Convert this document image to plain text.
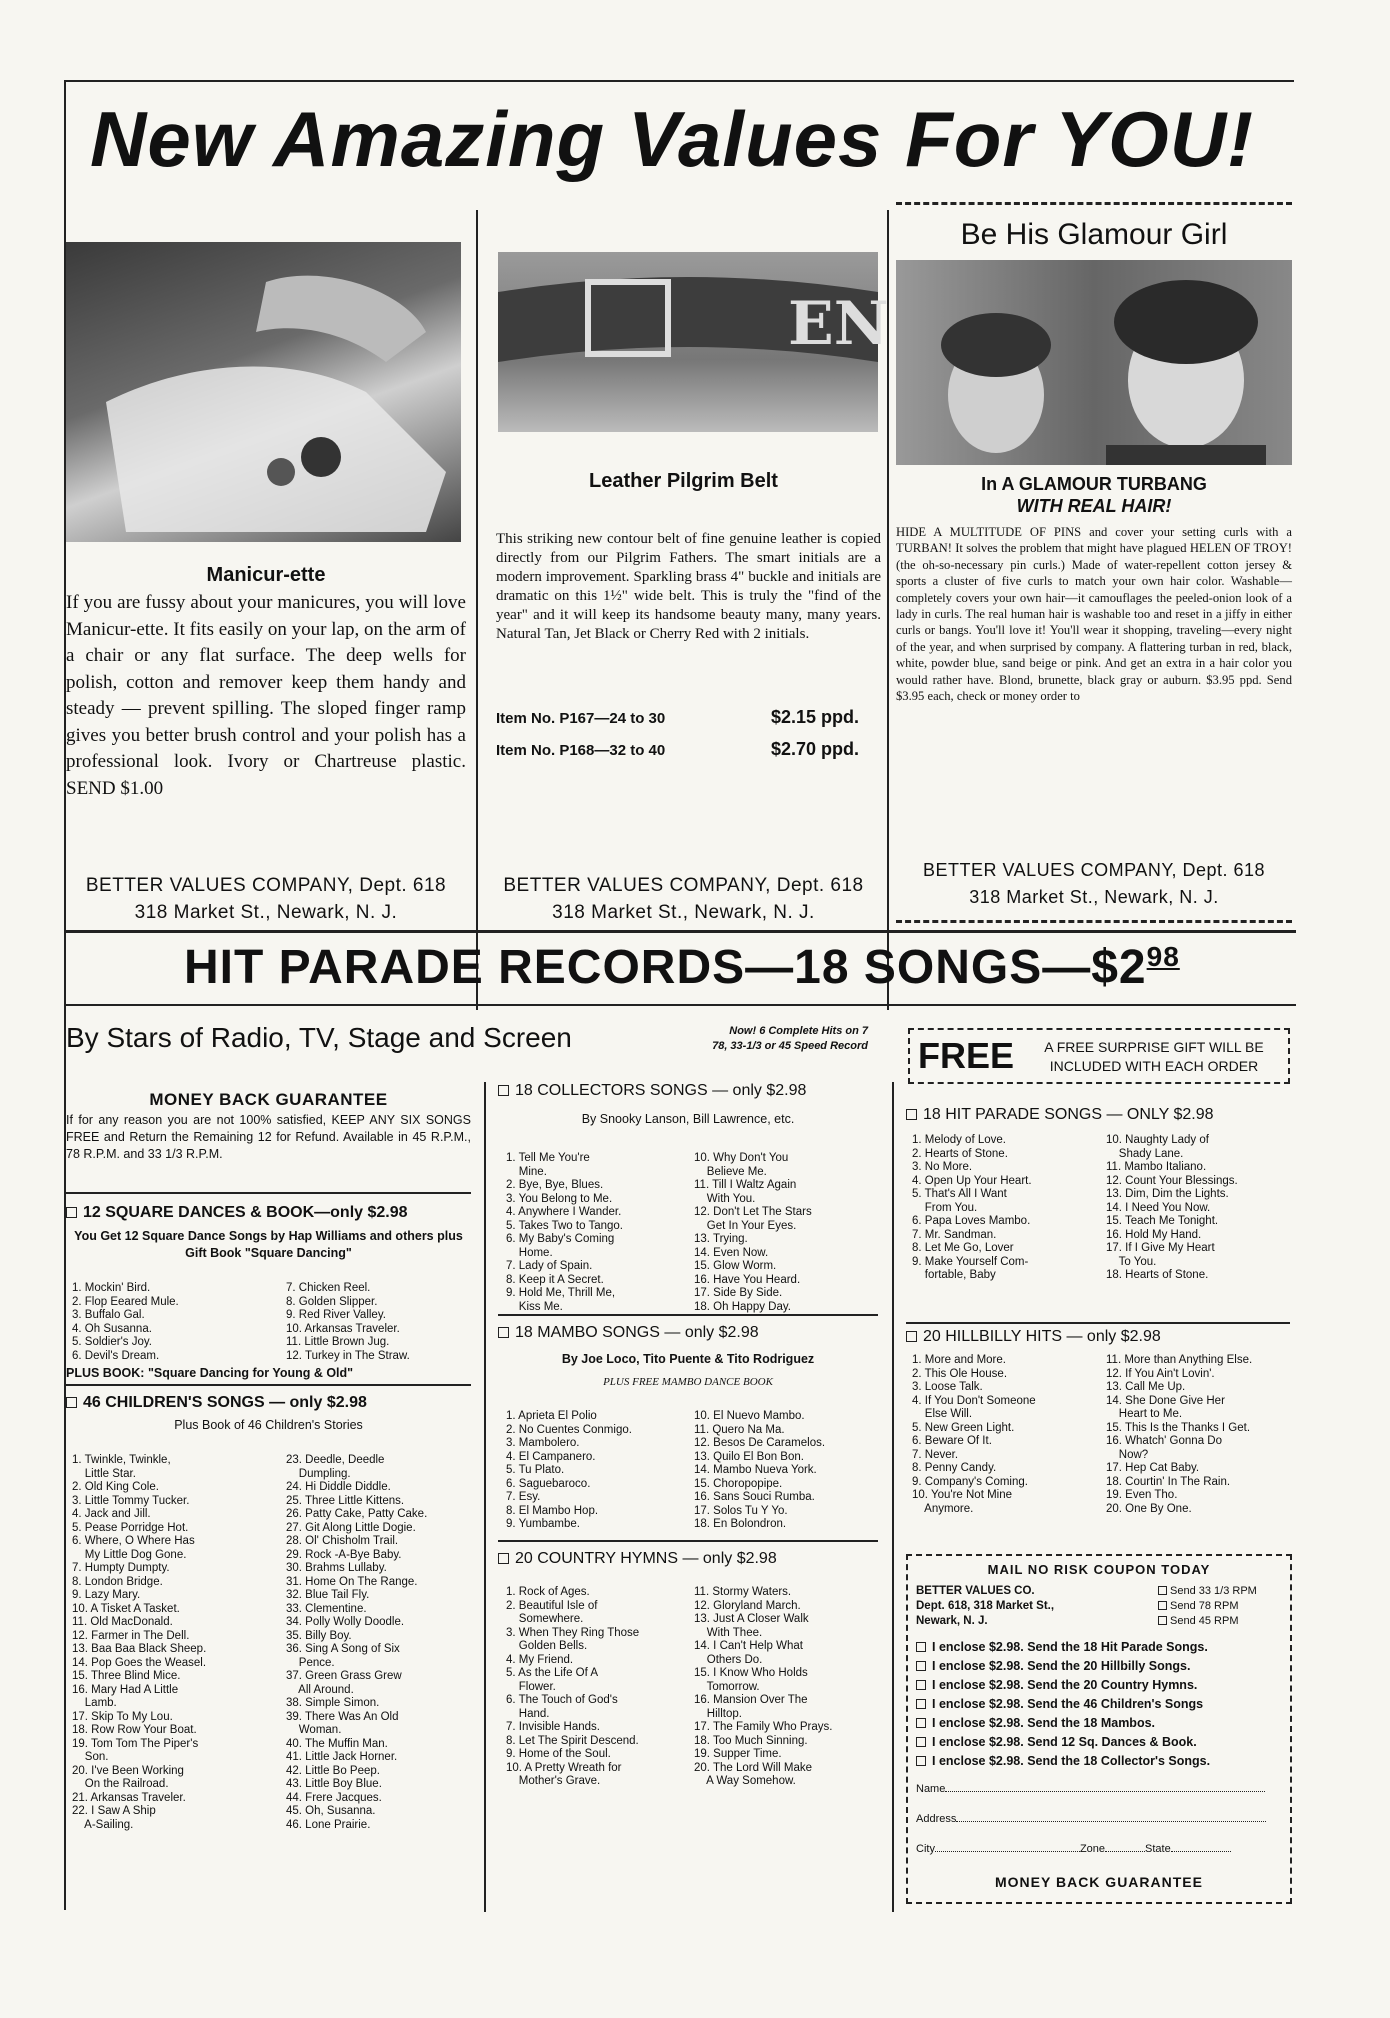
New Amazing Values For YOU!
Manicur-ette
If you are fussy about your manicures, you will love Manicur-ette. It fits easily on your lap, on the arm of a chair or any flat surface. The deep wells for polish, cotton and remover keep them handy and steady — prevent spilling. The sloped finger ramp gives you better brush control and your polish has a professional look. Ivory or Chartreuse plastic. SEND $1.00
BETTER VALUES COMPANY, Dept. 618
318 Market St., Newark, N. J.
EN
Leather Pilgrim Belt
This striking new contour belt of fine genuine leather is copied directly from our Pilgrim Fathers. The smart initials are a modern improvement. Sparkling brass 4" buckle and initials are dramatic on this 1½" wide belt. This is truly the "find of the year" and it will keep its handsome beauty many, many years. Natural Tan, Jet Black or Cherry Red with 2 initials.
Item No. P167—24 to 30	$2.15 ppd.
Item No. P168—32 to 40	$2.70 ppd.
BETTER VALUES COMPANY, Dept. 618
318 Market St., Newark, N. J.
Be His Glamour Girl
In A GLAMOUR TURBANG
WITH REAL HAIR!
HIDE A MULTITUDE OF PINS and cover your setting curls with a TURBAN! It solves the problem that might have plagued HELEN OF TROY! (the oh-so-necessary pin curls.) Made of water-repellent cotton jersey & sports a cluster of five curls to match your own hair color. Washable—completely covers your own hair—it camouflages the peeled-onion look of a lady in curls. The real human hair is washable too and reset in a jiffy in either curls or bangs. You'll love it! You'll wear it shopping, traveling—every night of the year, and when surprised by company. A flattering turban in red, black, white, powder blue, sand beige or pink. And get an extra in a hair color you would rather have. Blond, brunette, black gray or auburn. $3.95 ppd. Send $3.95 each, check or money order to
BETTER VALUES COMPANY, Dept. 618
318 Market St., Newark, N. J.
HIT PARADE RECORDS—18 $SONGS—\$2^{98}$
By Stars of Radio, TV, Stage and Screen	Now! 6 Complete Hits on 7
78, 33-1/3 or 45 Speed Record FREE	A FREE SURPRISE GIFT WILL BE
INCLUDED WITH EACH ORDER
MONEY BACK GUARANTEE
If for any reason you are not 100% satisfied, KEEP ANY SIX SONGS FREE and Return the Remaining 12 for Refund. Available in 45 R.P.M., 78 R.P.M. and 33 1/3 R.P.M.
12 SQUARE DANCES & BOOK—only $2.98
You Get 12 Square Dance Songs by Hap Williams and others plus Gift Book "Square Dancing"
1. Mockin' Bird.
2. Flop Eeared Mule.
3. Buffalo Gal.
4. Oh Susanna.
5. Soldier's Joy.
6. Devil's Dream.
7. Chicken Reel.
8. Golden Slipper.
9. Red River Valley.
10. Arkansas Traveler.
11. Little Brown Jug.
12. Turkey in The Straw.
PLUS BOOK: "Square Dancing for Young & Old"
46 CHILDREN'S SONGS — only $2.98
Plus Book of 46 Children's Stories
1. Twinkle, Twinkle,
Little Star.
2. Old King Cole.
3. Little Tommy Tucker.
4. Jack and Jill.
5. Pease Porridge Hot.
6. Where, O Where Has
My Little Dog Gone.
7. Humpty Dumpty.
8. London Bridge.
9. Lazy Mary.
10. A Tisket A Tasket.
11. Old MacDonald.
12. Farmer in The Dell.
13. Baa Baa Black Sheep.
14. Pop Goes the Weasel.
15. Three Blind Mice.
16. Mary Had A Little
Lamb.
17. Skip To My Lou.
18. Row Row Your Boat.
19. Tom Tom The Piper's
Son.
20. I've Been Working
On the Railroad.
21. Arkansas Traveler.
22. I Saw A Ship
A-Sailing.
23. Deedle, Deedle
Dumpling.
24. Hi Diddle Diddle.
25. Three Little Kittens.
26. Patty Cake, Patty Cake.
27. Git Along Little Dogie.
28. Ol' Chisholm Trail.
29. Rock -A-Bye Baby.
30. Brahms Lullaby.
31. Home On The Range.
32. Blue Tail Fly.
33. Clementine.
34. Polly Wolly Doodle.
35. Billy Boy.
36. Sing A Song of Six
Pence.
37. Green Grass Grew
All Around.
38. Simple Simon.
39. There Was An Old
Woman.
40. The Muffin Man.
41. Little Jack Horner.
42. Little Bo Peep.
43. Little Boy Blue.
44. Frere Jacques.
45. Oh, Susanna.
46. Lone Prairie.
18 COLLECTORS SONGS — only $2.98
By Snooky Lanson, Bill Lawrence, etc.
1. Tell Me You're
Mine.
2. Bye, Bye, Blues.
3. You Belong to Me.
4. Anywhere I Wander.
5. Takes Two to Tango.
6. My Baby's Coming
Home.
7. Lady of Spain.
8. Keep it A Secret.
9. Hold Me, Thrill Me,
Kiss Me.
10. Why Don't You
Believe Me.
11. Till I Waltz Again
With You.
12. Don't Let The Stars
Get In Your Eyes.
13. Trying.
14. Even Now.
15. Glow Worm.
16. Have You Heard.
17. Side By Side.
18. Oh Happy Day.
18 MAMBO SONGS — only $2.98
By Joe Loco, Tito Puente & Tito Rodriguez
PLUS FREE MAMBO DANCE BOOK
1. Aprieta El Polio
2. No Cuentes Conmigo.
3. Mambolero.
4. El Campanero.
5. Tu Plato.
6. Saguebaroco.
7. Esy.
8. El Mambo Hop.
9. Yumbambe.
10. El Nuevo Mambo.
11. Quero Na Ma.
12. Besos De Caramelos.
13. Quilo El Bon Bon.
14. Mambo Nueva York.
15. Choropopipe.
16. Sans Souci Rumba.
17. Solos Tu Y Yo.
18. En Bolondron.
20 COUNTRY HYMNS — only $2.98
1. Rock of Ages.
2. Beautiful Isle of
Somewhere.
3. When They Ring Those
Golden Bells.
4. My Friend.
5. As the Life Of A
Flower.
6. The Touch of God's
Hand.
7. Invisible Hands.
8. Let The Spirit Descend.
9. Home of the Soul.
10. A Pretty Wreath for
Mother's Grave.
11. Stormy Waters.
12. Gloryland March.
13. Just A Closer Walk
With Thee.
14. I Can't Help What
Others Do.
15. I Know Who Holds
Tomorrow.
16. Mansion Over The
Hilltop.
17. The Family Who Prays.
18. Too Much Sinning.
19. Supper Time.
20. The Lord Will Make
A Way Somehow.
18 HIT PARADE SONGS — ONLY $2.98
1. Melody of Love.
2. Hearts of Stone.
3. No More.
4. Open Up Your Heart.
5. That's All I Want
From You.
6. Papa Loves Mambo.
7. Mr. Sandman.
8. Let Me Go, Lover
9. Make Yourself Com-
fortable, Baby
10. Naughty Lady of
Shady Lane.
11. Mambo Italiano.
12. Count Your Blessings.
13. Dim, Dim the Lights.
14. I Need You Now.
15. Teach Me Tonight.
16. Hold My Hand.
17. If I Give My Heart
To You.
18. Hearts of Stone.
20 HILLBILLY HITS — only $2.98
1. More and More.
2. This Ole House.
3. Loose Talk.
4. If You Don't Someone
Else Will.
5. New Green Light.
6. Beware Of It.
7. Never.
8. Penny Candy.
9. Company's Coming.
10. You're Not Mine
Anymore.
11. More than Anything Else.
12. If You Ain't Lovin'.
13. Call Me Up.
14. She Done Give Her
Heart to Me.
15. This Is the Thanks I Get.
16. Whatch' Gonna Do
Now?
17. Hep Cat Baby.
18. Courtin' In The Rain.
19. Even Tho.
20. One By One.
MAIL NO RISK COUPON TODAY
BETTER VALUES CO.
Dept. 618, 318 Market St.,
Newark, N. J.
Send 33 1/3 RPM
Send 78 RPM
Send 45 RPM
I enclose $2.98. Send the 18 Hit Parade Songs.
I enclose $2.98. Send the 20 Hillbilly Songs.
I enclose $2.98. Send the 20 Country Hymns.
I enclose $2.98. Send the 46 Children's Songs
I enclose $2.98. Send the 18 Mambos.
I enclose $2.98. Send 12 Sq. Dances & Book.
I enclose $2.98. Send the 18 Collector's Songs.
Name
Address
City	Zone	State
MONEY BACK GUARANTEE
